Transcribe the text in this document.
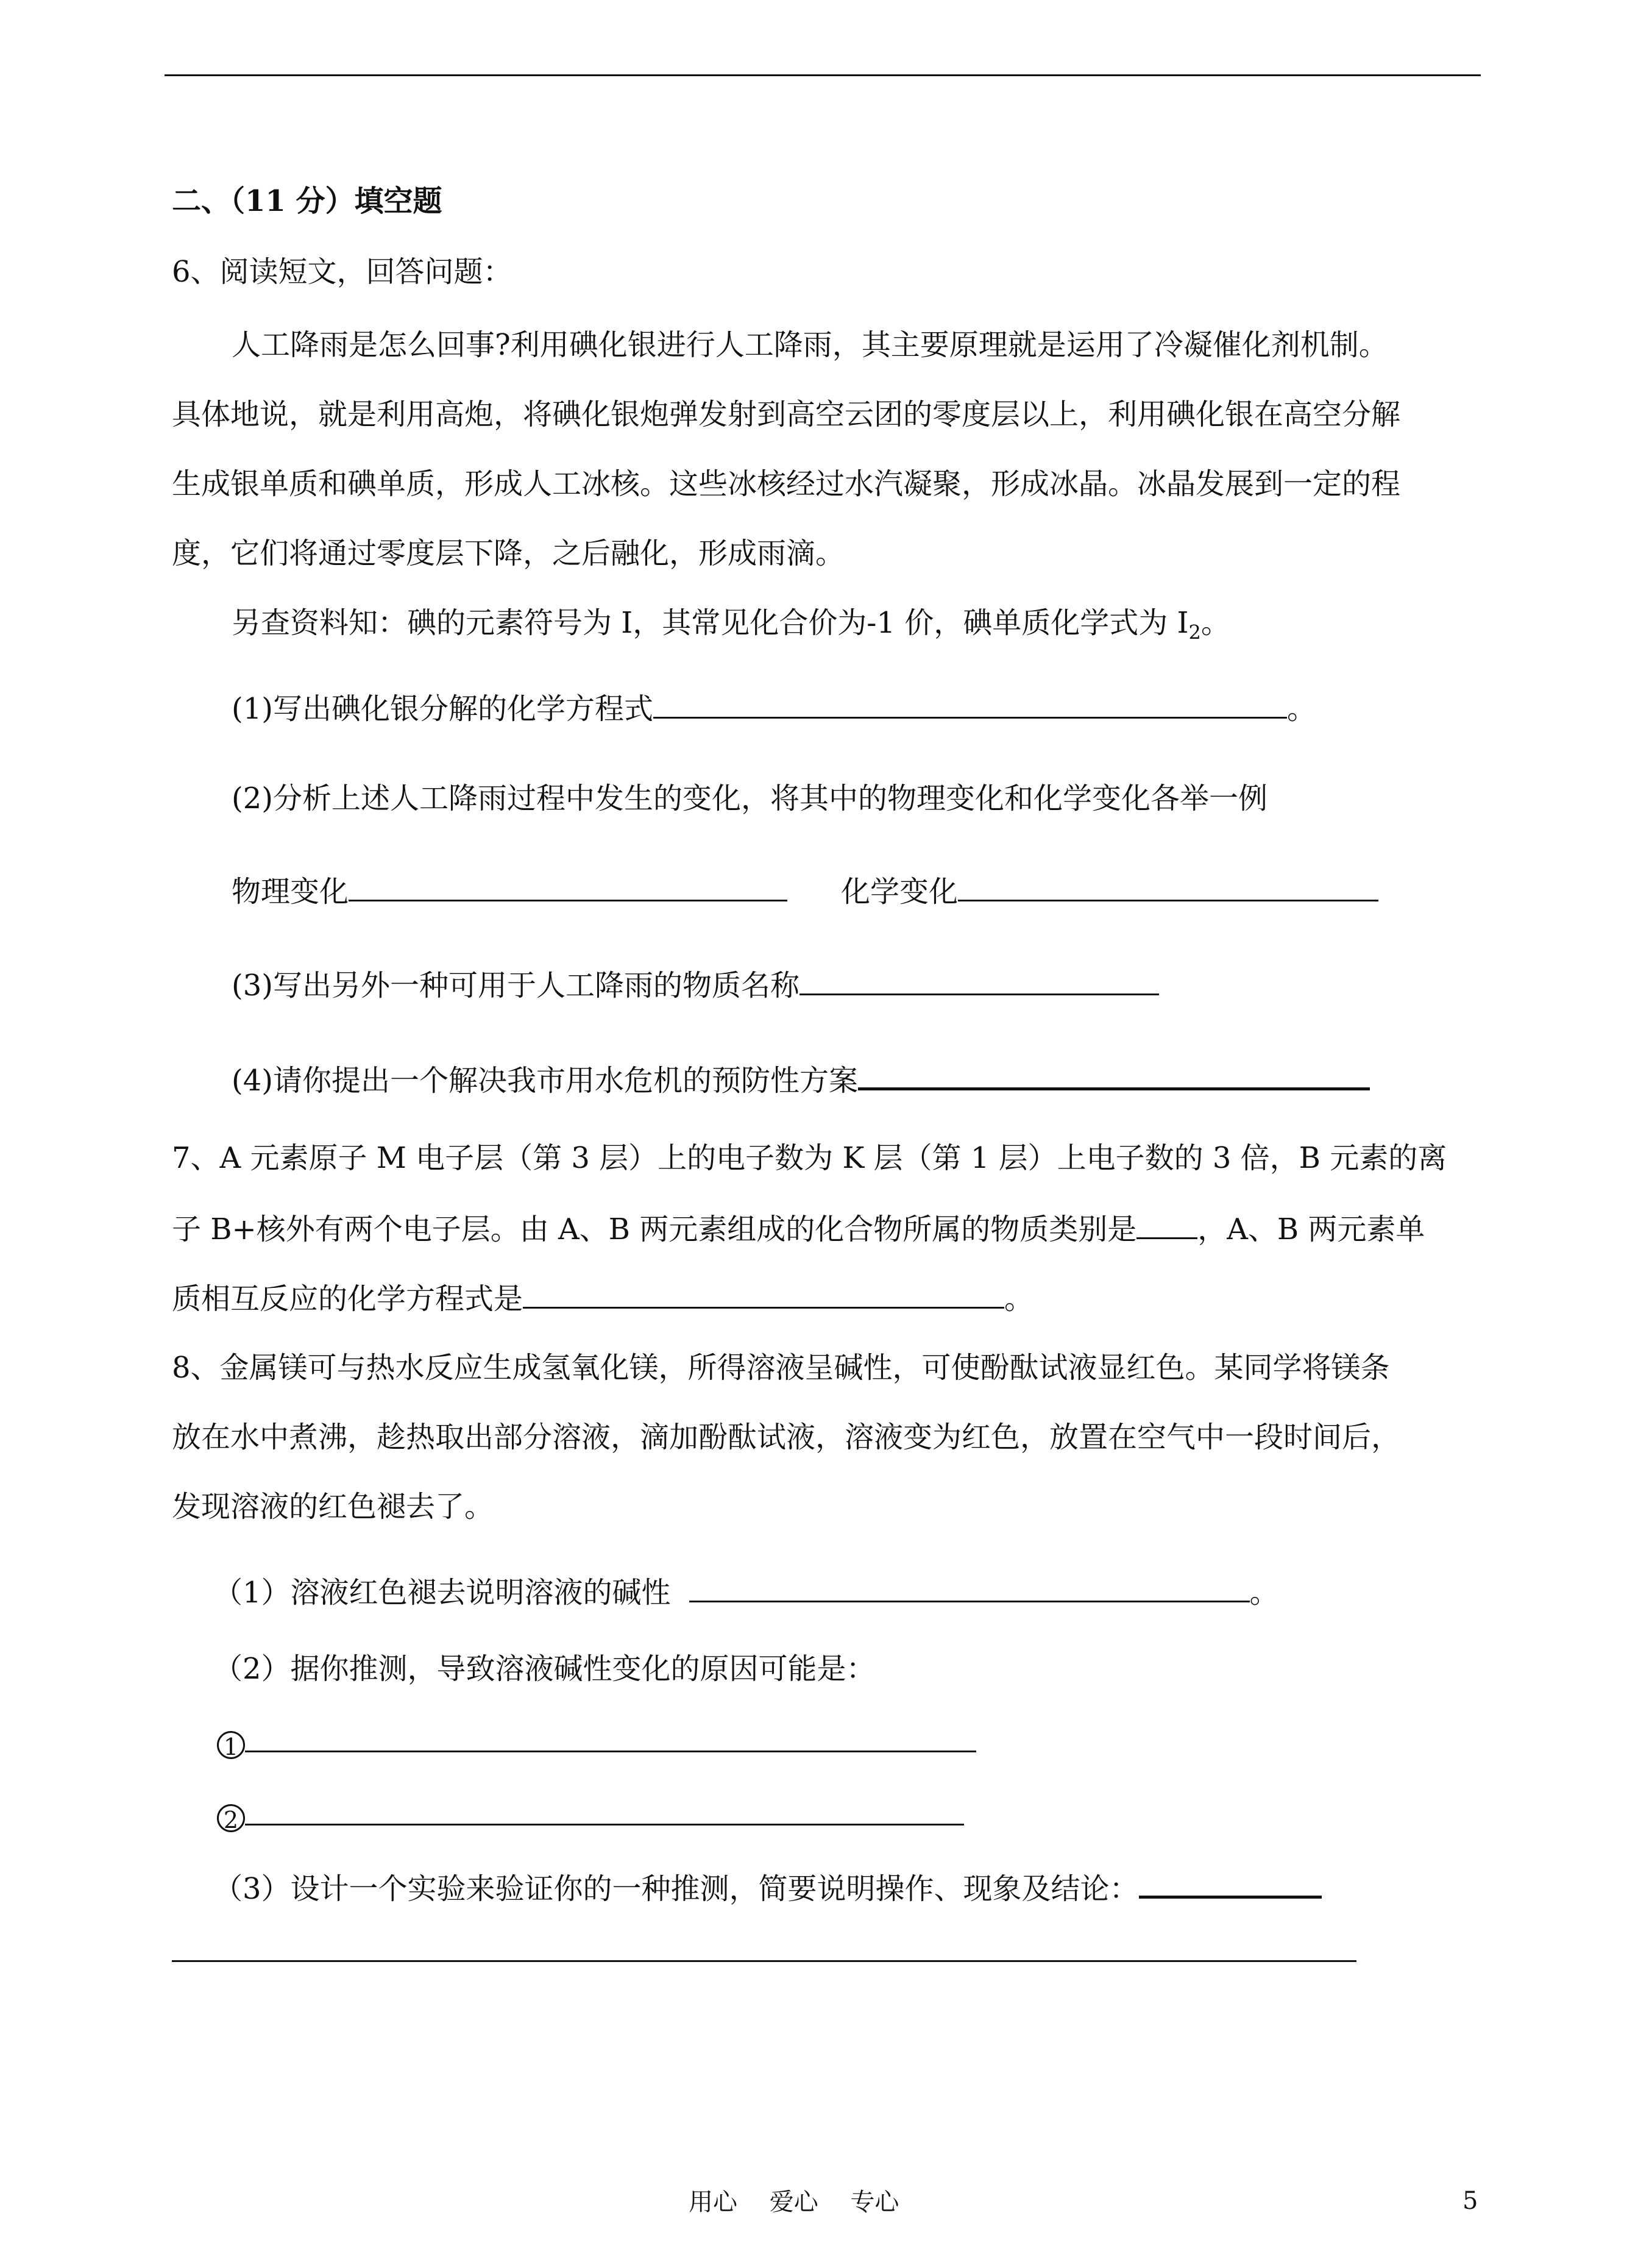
二、（11 分）填空题
6、阅读短文，回答问题：
人工降雨是怎么回事?利用碘化银进行人工降雨，其主要原理就是运用了冷凝催化剂机制。
具体地说，就是利用高炮，将碘化银炮弹发射到高空云团的零度层以上，利用碘化银在高空分解
生成银单质和碘单质，形成人工冰核。这些冰核经过水汽凝聚，形成冰晶。冰晶发展到一定的程
度，它们将通过零度层下降，之后融化，形成雨滴。
另查资料知：碘的元素符号为 I，其常见化合价为-1 价，碘单质化学式为 $I_2$。
(1)写出碘化银分解的化学方程式	。
(2)分析上述人工降雨过程中发生的变化，将其中的物理变化和化学变化各举一例
物理变化	化学变化
(3)写出另外一种可用于人工降雨的物质名称
(4)请你提出一个解决我市用水危机的预防性方案
7、A 元素原子 M 电子层（第 3 层）上的电子数为 K 层（第 1 层）上电子数的 3 倍，B 元素的离
子 B+核外有两个电子层。由 A、B 两元素组成的化合物所属的物质类别是 ，A、B 两元素单
质相互反应的化学方程式是	。
8、金属镁可与热水反应生成氢氧化镁，所得溶液呈碱性，可使酚酞试液显红色。某同学将镁条
放在水中煮沸，趁热取出部分溶液，滴加酚酞试液，溶液变为红色，放置在空气中一段时间后，
发现溶液的红色褪去了。
（1）溶液红色褪去说明溶液的碱性	。
（2）据你推测，导致溶液碱性变化的原因可能是：
1
2
（3）设计一个实验来验证你的一种推测，简要说明操作、现象及结论：
用心　 爱心　 专心	5
